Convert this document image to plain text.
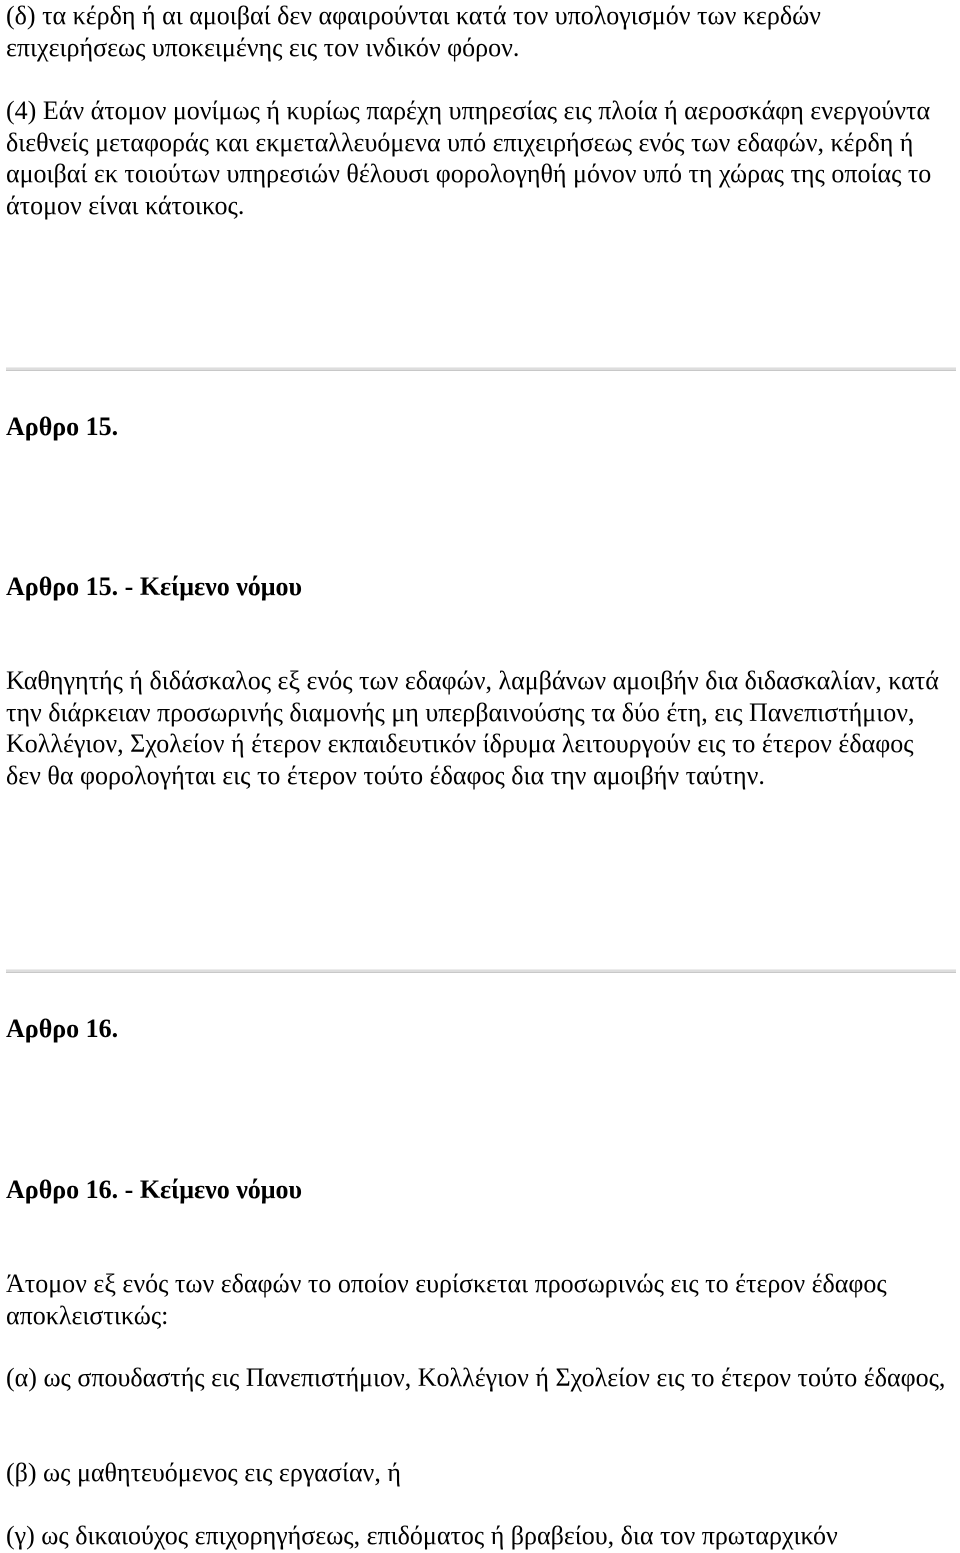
(δ) τα κέρδη ή αι αμοιβαί δεν αφαιρούνται κατά τον υπολογισμόν των κερδών επιχειρήσεως υποκειμένης εις τον ινδικόν φόρον.

(4) Εάν άτομον μονίμως ή κυρίως παρέχη υπηρεσίας εις πλοία ή αεροσκάφη ενεργούντα διεθνείς μεταφοράς και εκμεταλλευόμενα υπό επιχειρήσεως ενός των εδαφών, κέρδη ή αμοιβαί εκ τοιούτων υπηρεσιών θέλουσι φορολογηθή μόνον υπό τη χώρας της οποίας το άτομον είναι κάτοικος.

Αρθρο 15.
Αρθρο 15. - Κείμενο νόμου

Καθηγητής ή διδάσκαλος εξ ενός των εδαφών, λαμβάνων αμοιβήν δια διδασκαλίαν, κατά την διάρκειαν προσωρινής διαμονής μη υπερβαινούσης τα δύο έτη, εις Πανεπιστήμιον, Κολλέγιον, Σχολείον ή έτερον εκπαιδευτικόν ίδρυμα λειτουργούν εις το έτερον έδαφος δεν θα φορολογήται εις το έτερον τούτο έδαφος δια την αμοιβήν ταύτην.

Αρθρο 16.
Αρθρο 16. - Κείμενο νόμου

Άτομον εξ ενός των εδαφών το οποίον ευρίσκεται προσωρινώς εις το έτερον έδαφος αποκλειστικώς:

(α) ως σπουδαστής εις Πανεπιστήμιον, Κολλέγιον ή Σχολείον εις το έτερον τούτο έδαφος,

(β) ως μαθητευόμενος εις εργασίαν, ή

(γ) ως δικαιούχος επιχορηγήσεως, επιδόματος ή βραβείου, δια τον πρωταρχικόν
